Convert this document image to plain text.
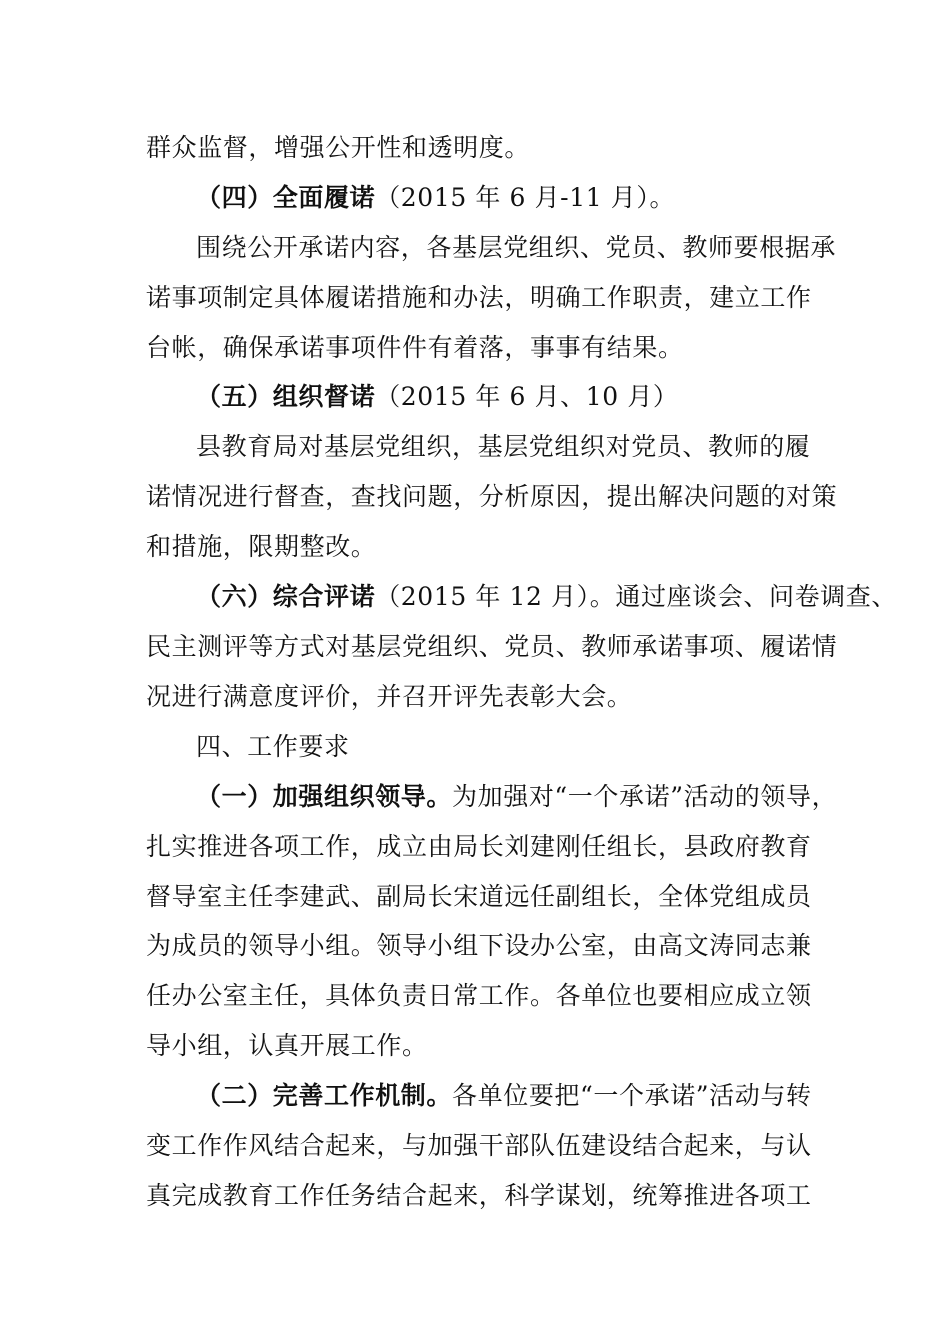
群众监督，增强公开性和透明度。
（四）全面履诺（2015 年 6 月-11 月）。
围绕公开承诺内容，各基层党组织、党员、教师要根据承
诺事项制定具体履诺措施和办法，明确工作职责，建立工作
台帐，确保承诺事项件件有着落，事事有结果。
（五）组织督诺（2015 年 6 月、10 月）
县教育局对基层党组织，基层党组织对党员、教师的履
诺情况进行督查，查找问题，分析原因，提出解决问题的对策
和措施，限期整改。
（六）综合评诺（2015 年 12 月）。通过座谈会、问卷调查、
民主测评等方式对基层党组织、党员、教师承诺事项、履诺情
况进行满意度评价，并召开评先表彰大会。
四、工作要求
（一）加强组织领导。为加强对“一个承诺”活动的领导，
扎实推进各项工作，成立由局长刘建刚任组长，县政府教育
督导室主任李建武、副局长宋道远任副组长，全体党组成员
为成员的领导小组。领导小组下设办公室，由高文涛同志兼
任办公室主任，具体负责日常工作。各单位也要相应成立领
导小组，认真开展工作。
（二）完善工作机制。各单位要把“一个承诺”活动与转
变工作作风结合起来，与加强干部队伍建设结合起来，与认
真完成教育工作任务结合起来，科学谋划，统筹推进各项工
